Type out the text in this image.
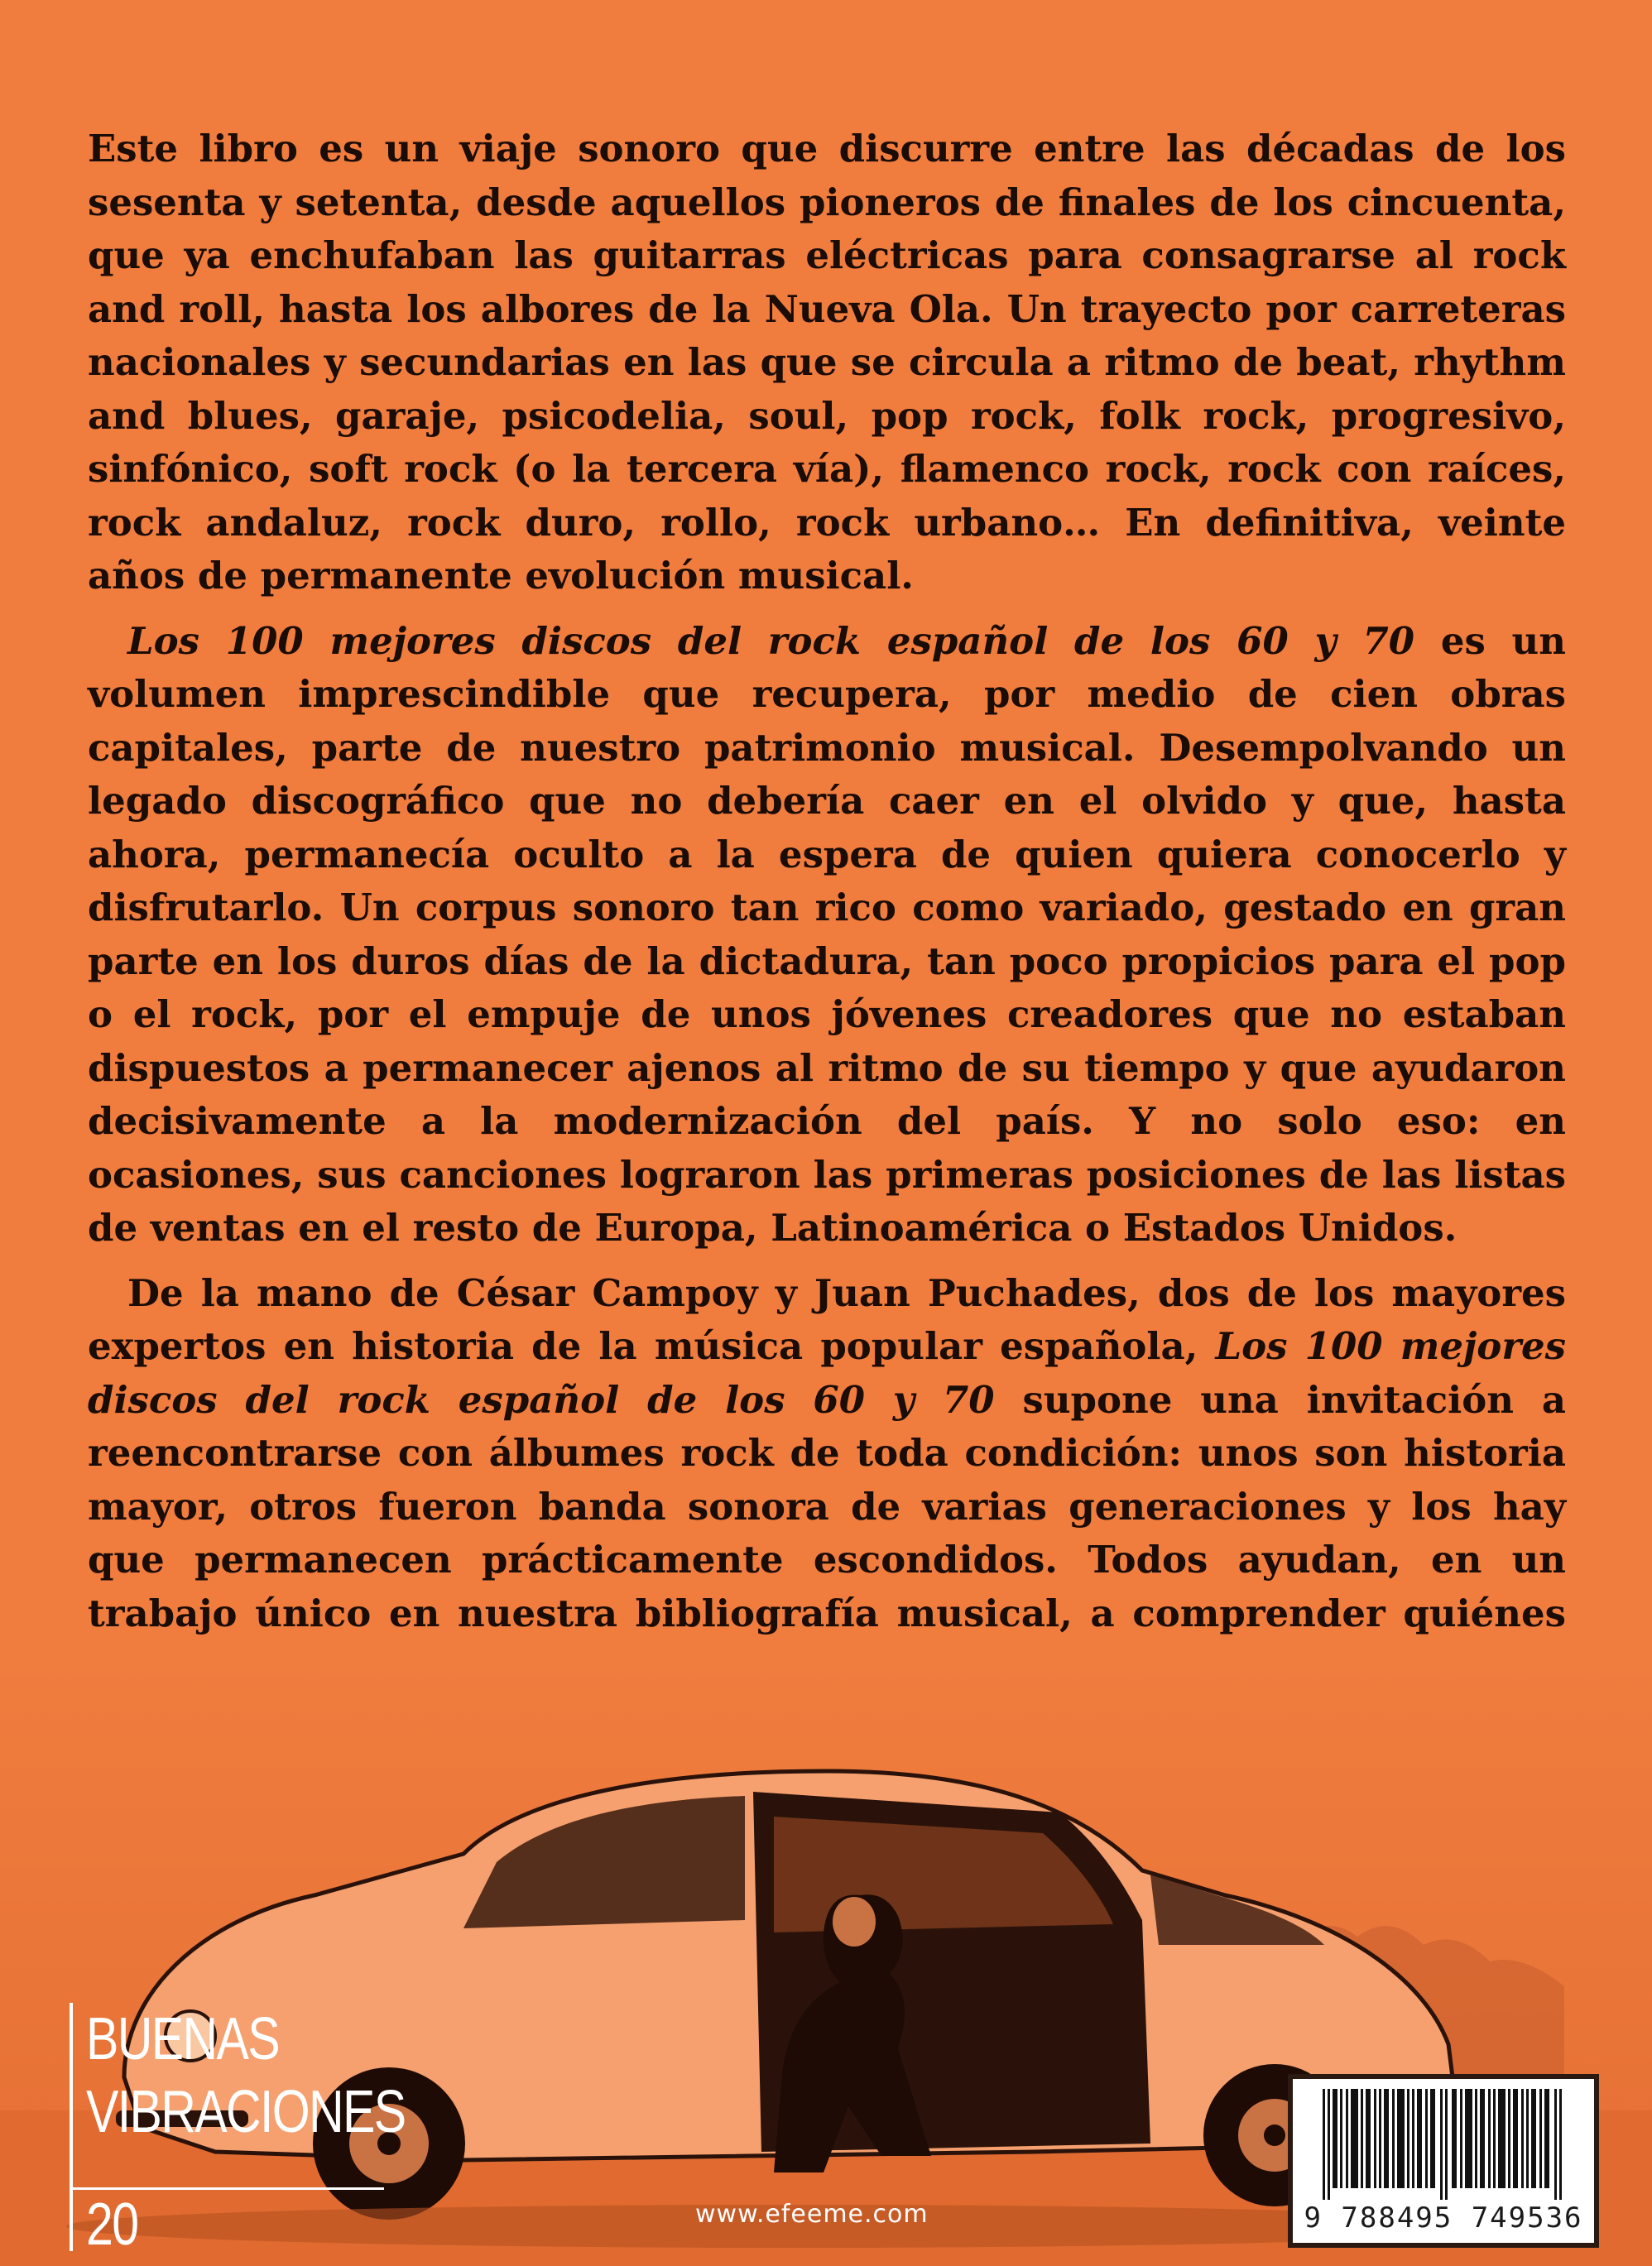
Este libro es un viaje sonoro que discurre entre las décadas de los sesenta y setenta, desde aquellos pioneros de finales de los cincuenta, que ya enchufaban las guitarras eléctricas para consagrarse al rock and roll, hasta los albores de la Nueva Ola. Un trayecto por carreteras nacionales y secundarias en las que se circula a ritmo de beat, rhythm and blues, garaje, psicodelia, soul, pop rock, folk rock, progresivo, sinfónico, soft rock (o la tercera vía), flamenco rock, rock con raíces, rock andaluz, rock duro, rollo, rock urbano… En definitiva, veinte años de permanente evolución musical.

Los 100 mejores discos del rock español de los 60 y 70 es un volumen imprescindible que recupera, por medio de cien obras capitales, parte de nuestro patrimonio musical. Desempolvando un legado discográfico que no debería caer en el olvido y que, hasta ahora, permanecía oculto a la espera de quien quiera conocerlo y disfrutarlo. Un corpus sonoro tan rico como variado, gestado en gran parte en los duros días de la dictadura, tan poco propicios para el pop o el rock, por el empuje de unos jóvenes creadores que no estaban dispuestos a permanecer ajenos al ritmo de su tiempo y que ayudaron decisivamente a la modernización del país. Y no solo eso: en ocasiones, sus canciones lograron las primeras posiciones de las listas de ventas en el resto de Europa, Latinoamérica o Estados Unidos.

De la mano de César Campoy y Juan Puchades, dos de los mayores expertos en historia de la música popular española, Los 100 mejores discos del rock español de los 60 y 70 supone una invitación a reencontrarse con álbumes rock de toda condición: unos son historia mayor, otros fueron banda sonora de varias generaciones y los hay que permanecen prácticamente escondidos. Todos ayudan, en un trabajo único en nuestra bibliografía musical, a comprender quiénes

BUENAS
VIBRACIONES
20	www.efeeme.com	9 788495 749536
